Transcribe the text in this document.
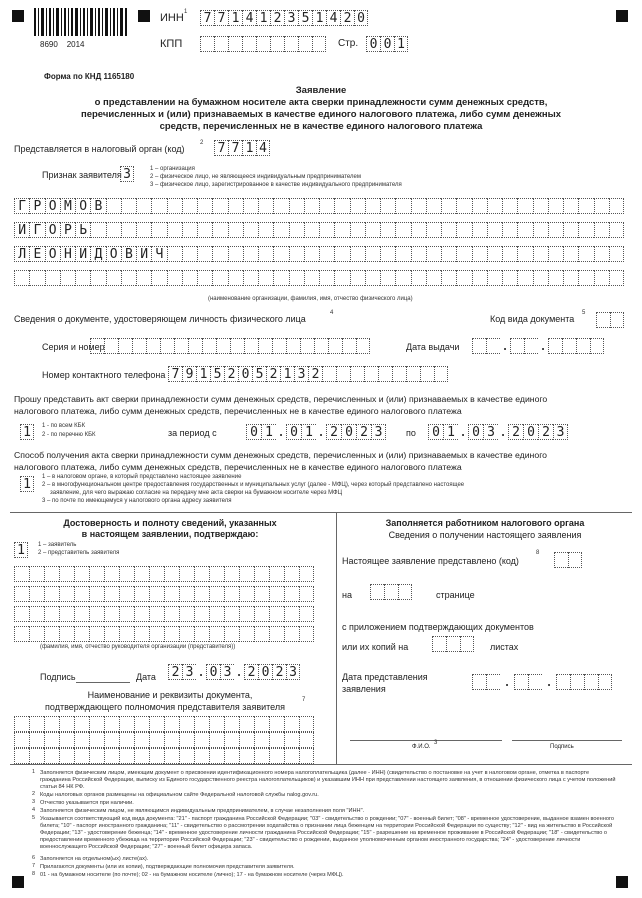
8690    2014
ИНН 1 7 7 1 4 1 2 3 5 1 4 2 0
КПП	Стр. 0 0 1
Форма по КНД 1165180
Заявление
о представлении на бумажном носителе акта сверки принадлежности сумм денежных средств,
перечисленных и (или) признаваемых в качестве единого налогового платежа, либо сумм денежных
средств, перечисленных не в качестве единого налогового платежа
Представляется в налоговый орган (код)
2 7 7 1 4
Признак заявителя 3	1 – организация
2 – физическое лицо, не являющееся индивидуальным предпринимателем
3 – физическое лицо, зарегистрированное в качестве индивидуального предпринимателя
Г Р О М О В
И Г О Р Ь
Л Е О Н И Д О В И Ч
(наименование организации, фамилия, имя, отчество физического лица)
Сведения о документе, удостоверяющем личность физического лица
4
Код вида документа
5
Серия и номер	Дата выдачи	. .
Номер контактного телефона 7 9 1 5 2 0 5 2 1 3 2
Прошу представить акт сверки принадлежности сумм денежных средств, перечисленных и (или) признаваемых в качестве единого
налогового платежа, либо сумм денежных средств, перечисленных не в качестве единого налогового платежа
1	1 - по всем КБК
2 - по перечню КБК	за период с	0 1 . 0 1 . 2 0 2 3	по	0 1 . 0 3 . 2 0 2 3
Способ получения акта сверки принадлежности сумм денежных средств, перечисленных и (или) признаваемых в качестве единого
налогового платежа, либо сумм денежных средств, перечисленных не в качестве единого налогового платежа
1	1 – в налоговом органе, в который представлено настоящее заявление
2 – в многофункциональном центре предоставления государственных и муниципальных услуг (далее - МФЦ), через который представлено настоящее
заявление, для чего выражаю согласие на передачу мне акта сверки на бумажном носителе через МФЦ
3 – по почте по имеющемуся у налогового органа адресу заявителя
Достоверность и полноту сведений, указанных
в настоящем заявлении, подтверждаю:
1	1 – заявитель
2 – представитель заявителя
(фамилия, имя, отчество руководителя организации (представителя))
Подпись	Дата 2 3 . 0 3 . 2 0 2 3
Наименование и реквизиты документа,
подтверждающего полномочия представителя заявителя
7
Заполняется работником налогового органа
Сведения о получении настоящего заявления
Настоящее заявление представлено (код)
8
на	странице
с приложением подтверждающих документов
или их копий на	листах
Дата представления
заявления	.	.
Ф.И.О.
3
Подпись
1 Заполняется физическим лицом, имеющим документ о присвоении идентификационного номера налогоплательщика (далее - ИНН) (свидетельство о постановке на учет в налоговом органе, отметка в паспорте гражданина Российской Федерации, выписку из Единого государственного реестра налогоплательщиков) и указавшим ИНН при представлении настоящего заявления, в отношении физического лица с учетом положений статьи 84 НК РФ.
2 Коды налоговых органов размещены на официальном сайте Федеральной налоговой службы nalog.gov.ru.
3 Отчество указывается при наличии.
4 Заполняется физическим лицом, не являющимся индивидуальным предпринимателем, в случае незаполнения поля "ИНН".
5 Указывается соответствующий код вида документа: "21" - паспорт гражданина Российской Федерации; "03" - свидетельство о рождении; "07" - военный билет; "08" - временное удостоверение, выданное взамен военного билета; "10" - паспорт иностранного гражданина; "11" - свидетельство о рассмотрении ходатайства о признании лица беженцем на территории Российской Федерации по существу; "12" - вид на жительство в Российской Федерации; "13" - удостоверение беженца; "14" - временное удостоверение личности гражданина Российской Федерации; "15" - разрешение на временное проживание в Российской Федерации; "18" - свидетельство о предоставлении временного убежища на территории Российской Федерации; "23" - свидетельство о рождении, выданное уполномоченным органом иностранного государства; "24" - удостоверение личности военнослужащего Российской Федерации; "27" - военный билет офицера запаса.
6 Заполняется на отдельном(ых) листе(ах).
7 Прилагаются документы (или их копии), подтверждающие полномочия представителя заявителя.
8 01 - на бумажном носителе (по почте); 02 - на бумажном носителе (лично); 17 - на бумажном носителе (через МФЦ).
